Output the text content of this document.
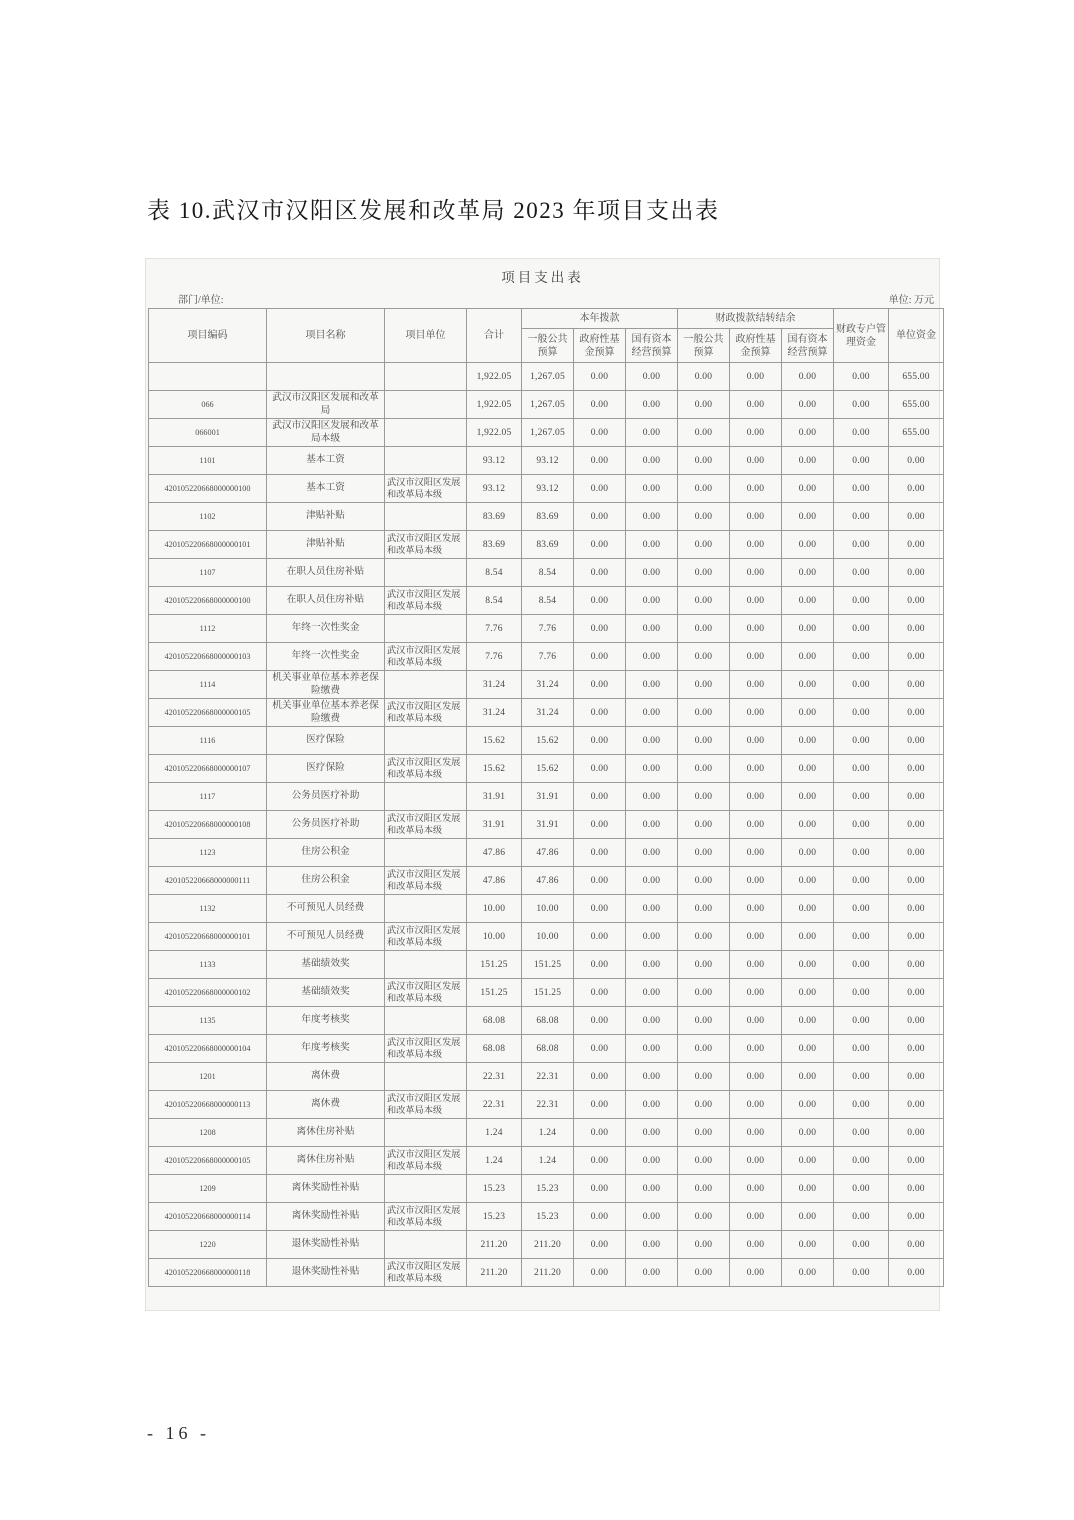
表 10.武汉市汉阳区发展和改革局 2023 年项目支出表
项目支出表
部门/单位:	单位: 万元
项目编码	项目名称	项目单位	合计	本年拨款			财政拨款结转结余			财政专户管理资金	单位资金
				一般公共预算	政府性基金预算	国有资本经营预算	一般公共预算	政府性基金预算	国有资本经营预算		
			1,922.05	1,267.05	0.00	0.00	0.00	0.00	0.00	0.00	655.00
066	武汉市汉阳区发展和改革局		1,922.05	1,267.05	0.00	0.00	0.00	0.00	0.00	0.00	655.00
066001	武汉市汉阳区发展和改革局本级		1,922.05	1,267.05	0.00	0.00	0.00	0.00	0.00	0.00	655.00
1101	基本工资		93.12	93.12	0.00	0.00	0.00	0.00	0.00	0.00	0.00
420105220668000000100	基本工资	武汉市汉阳区发展和改革局本级	93.12	93.12	0.00	0.00	0.00	0.00	0.00	0.00	0.00
1102	津贴补贴		83.69	83.69	0.00	0.00	0.00	0.00	0.00	0.00	0.00
420105220668000000101	津贴补贴	武汉市汉阳区发展和改革局本级	83.69	83.69	0.00	0.00	0.00	0.00	0.00	0.00	0.00
1107	在职人员住房补贴		8.54	8.54	0.00	0.00	0.00	0.00	0.00	0.00	0.00
420105220668000000100	在职人员住房补贴	武汉市汉阳区发展和改革局本级	8.54	8.54	0.00	0.00	0.00	0.00	0.00	0.00	0.00
1112	年终一次性奖金		7.76	7.76	0.00	0.00	0.00	0.00	0.00	0.00	0.00
420105220668000000103	年终一次性奖金	武汉市汉阳区发展和改革局本级	7.76	7.76	0.00	0.00	0.00	0.00	0.00	0.00	0.00
1114	机关事业单位基本养老保险缴费		31.24	31.24	0.00	0.00	0.00	0.00	0.00	0.00	0.00
420105220668000000105	机关事业单位基本养老保险缴费	武汉市汉阳区发展和改革局本级	31.24	31.24	0.00	0.00	0.00	0.00	0.00	0.00	0.00
1116	医疗保险		15.62	15.62	0.00	0.00	0.00	0.00	0.00	0.00	0.00
420105220668000000107	医疗保险	武汉市汉阳区发展和改革局本级	15.62	15.62	0.00	0.00	0.00	0.00	0.00	0.00	0.00
1117	公务员医疗补助		31.91	31.91	0.00	0.00	0.00	0.00	0.00	0.00	0.00
420105220668000000108	公务员医疗补助	武汉市汉阳区发展和改革局本级	31.91	31.91	0.00	0.00	0.00	0.00	0.00	0.00	0.00
1123	住房公积金		47.86	47.86	0.00	0.00	0.00	0.00	0.00	0.00	0.00
420105220668000000111	住房公积金	武汉市汉阳区发展和改革局本级	47.86	47.86	0.00	0.00	0.00	0.00	0.00	0.00	0.00
1132	不可预见人员经费		10.00	10.00	0.00	0.00	0.00	0.00	0.00	0.00	0.00
420105220668000000101	不可预见人员经费	武汉市汉阳区发展和改革局本级	10.00	10.00	0.00	0.00	0.00	0.00	0.00	0.00	0.00
1133	基础绩效奖		151.25	151.25	0.00	0.00	0.00	0.00	0.00	0.00	0.00
420105220668000000102	基础绩效奖	武汉市汉阳区发展和改革局本级	151.25	151.25	0.00	0.00	0.00	0.00	0.00	0.00	0.00
1135	年度考核奖		68.08	68.08	0.00	0.00	0.00	0.00	0.00	0.00	0.00
420105220668000000104	年度考核奖	武汉市汉阳区发展和改革局本级	68.08	68.08	0.00	0.00	0.00	0.00	0.00	0.00	0.00
1201	离休费		22.31	22.31	0.00	0.00	0.00	0.00	0.00	0.00	0.00
420105220668000000113	离休费	武汉市汉阳区发展和改革局本级	22.31	22.31	0.00	0.00	0.00	0.00	0.00	0.00	0.00
1208	离休住房补贴		1.24	1.24	0.00	0.00	0.00	0.00	0.00	0.00	0.00
420105220668000000105	离休住房补贴	武汉市汉阳区发展和改革局本级	1.24	1.24	0.00	0.00	0.00	0.00	0.00	0.00	0.00
1209	离休奖励性补贴		15.23	15.23	0.00	0.00	0.00	0.00	0.00	0.00	0.00
420105220668000000114	离休奖励性补贴	武汉市汉阳区发展和改革局本级	15.23	15.23	0.00	0.00	0.00	0.00	0.00	0.00	0.00
1220	退休奖励性补贴		211.20	211.20	0.00	0.00	0.00	0.00	0.00	0.00	0.00
420105220668000000118	退休奖励性补贴	武汉市汉阳区发展和改革局本级	211.20	211.20	0.00	0.00	0.00	0.00	0.00	0.00	0.00
- 16 -
